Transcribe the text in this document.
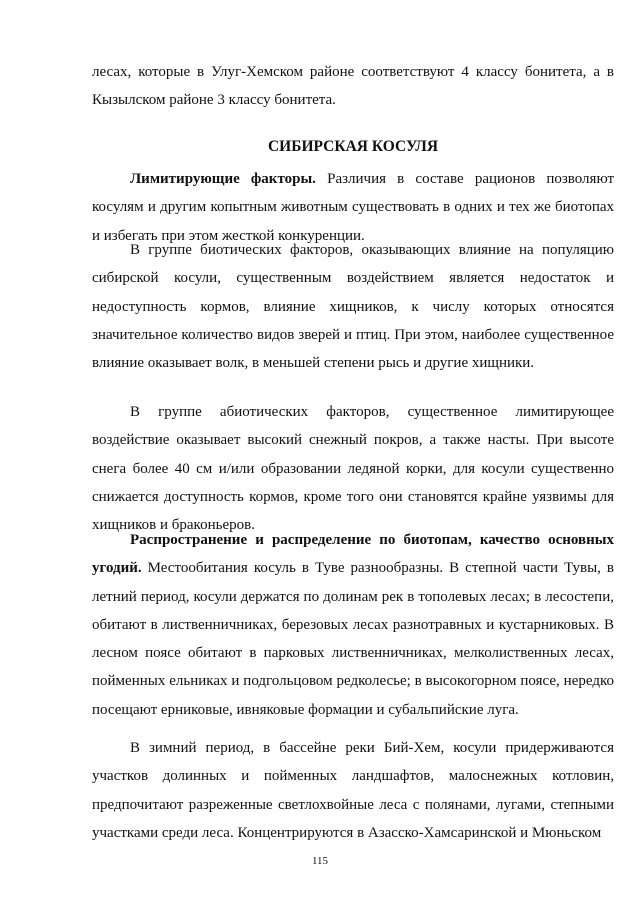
лесах, которые в Улуг-Хемском районе соответствуют 4 классу бонитета, а в Кызылском районе 3 классу бонитета.

СИБИРСКАЯ КОСУЛЯ

Лимитирующие факторы. Различия в составе рационов позволяют косулям и другим копытным животным существовать в одних и тех же биотопах и избегать при этом жесткой конкуренции.

В группе биотических факторов, оказывающих влияние на популяцию сибирской косули, существенным воздействием является недостаток и недоступность кормов, влияние хищников, к числу которых относятся значительное количество видов зверей и птиц. При этом, наиболее существенное влияние оказывает волк, в меньшей степени рысь и другие хищники.

В группе абиотических факторов, существенное лимитирующее воздействие оказывает высокий снежный покров, а также насты. При высоте снега более 40 см и/или образовании ледяной корки, для косули существенно снижается доступность кормов, кроме того они становятся крайне уязвимы для хищников и браконьеров.

Распространение и распределение по биотопам, качество основных угодий. Местообитания косуль в Туве разнообразны. В степной части Тувы, в летний период, косули держатся по долинам рек в тополевых лесах; в лесостепи, обитают в лиственничниках, березовых лесах разнотравных и кустарниковых. В лесном поясе обитают в парковых лиственничниках, мелколиственных лесах, пойменных ельниках и подгольцовом редколесье; в высокогорном поясе, нередко посещают ерниковые, ивняковые формации и субальпийские луга.

В зимний период, в бассейне реки Бий-Хем, косули придерживаются участков долинных и пойменных ландшафтов, малоснежных котловин, предпочитают разреженные светлохвойные леса с полянами, лугами, степными участками среди леса. Концентрируются в Азасско-Хамсаринской и Мюньском

115
